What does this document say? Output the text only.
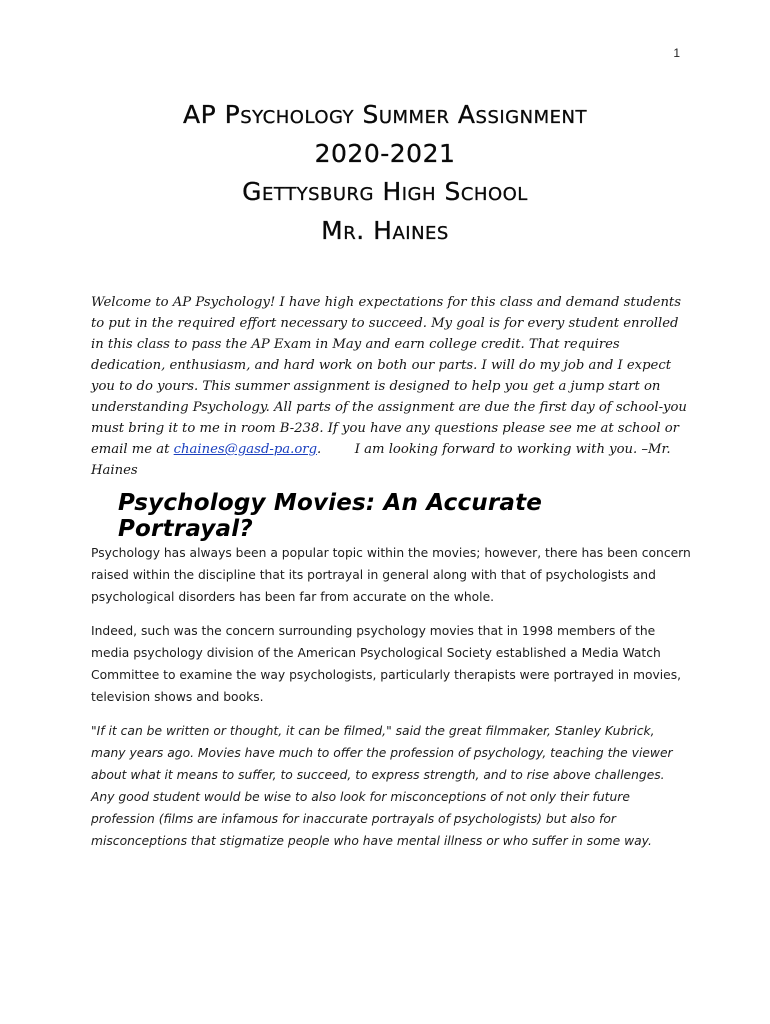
1
AP Psychology Summer Assignment
2020-2021
Gettysburg High School
Mr. Haines
Welcome to AP Psychology! I have high expectations for this class and demand students to put in the required effort necessary to succeed. My goal is for every student enrolled in this class to pass the AP Exam in May and earn college credit. That requires dedication, enthusiasm, and hard work on both our parts. I will do my job and I expect you to do yours. This summer assignment is designed to help you get a jump start on understanding Psychology. All parts of the assignment are due the first day of school-you must bring it to me in room B-238. If you have any questions please see me at school or email me at chaines@gasd-pa.org.        I am looking forward to working with you. –Mr. Haines
Psychology Movies: An Accurate Portrayal?
Psychology has always been a popular topic within the movies; however, there has been concern raised within the discipline that its portrayal in general along with that of psychologists and psychological disorders has been far from accurate on the whole.
Indeed, such was the concern surrounding psychology movies that in 1998 members of the media psychology division of the American Psychological Society established a Media Watch Committee to examine the way psychologists, particularly therapists were portrayed in movies, television shows and books.
"If it can be written or thought, it can be filmed," said the great filmmaker, Stanley Kubrick, many years ago. Movies have much to offer the profession of psychology, teaching the viewer about what it means to suffer, to succeed, to express strength, and to rise above challenges. Any good student would be wise to also look for misconceptions of not only their future profession (films are infamous for inaccurate portrayals of psychologists) but also for misconceptions that stigmatize people who have mental illness or who suffer in some way.
